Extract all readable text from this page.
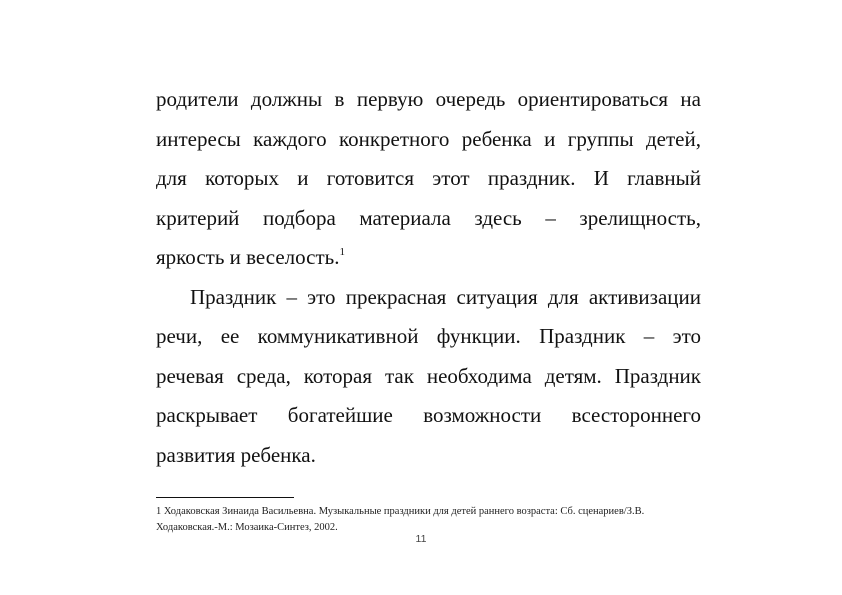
родители должны в первую очередь ориентироваться на
интересы каждого конкретного ребенка и группы детей,
для которых и готовится этот праздник. И главный
критерий подбора материала здесь – зрелищность,
яркость и веселость.$^1$
Праздник – это прекрасная ситуация для активизации
речи, ее коммуникативной функции. Праздник – это
речевая среда, которая так необходима детям. Праздник
раскрывает богатейшие возможности всестороннего
развития ребенка.
1 Ходаковская Зинаида Васильевна. Музыкальные праздники для детей раннего возраста: Сб. сценариев/З.В.
Ходаковская.-М.: Мозаика-Синтез, 2002.
11
